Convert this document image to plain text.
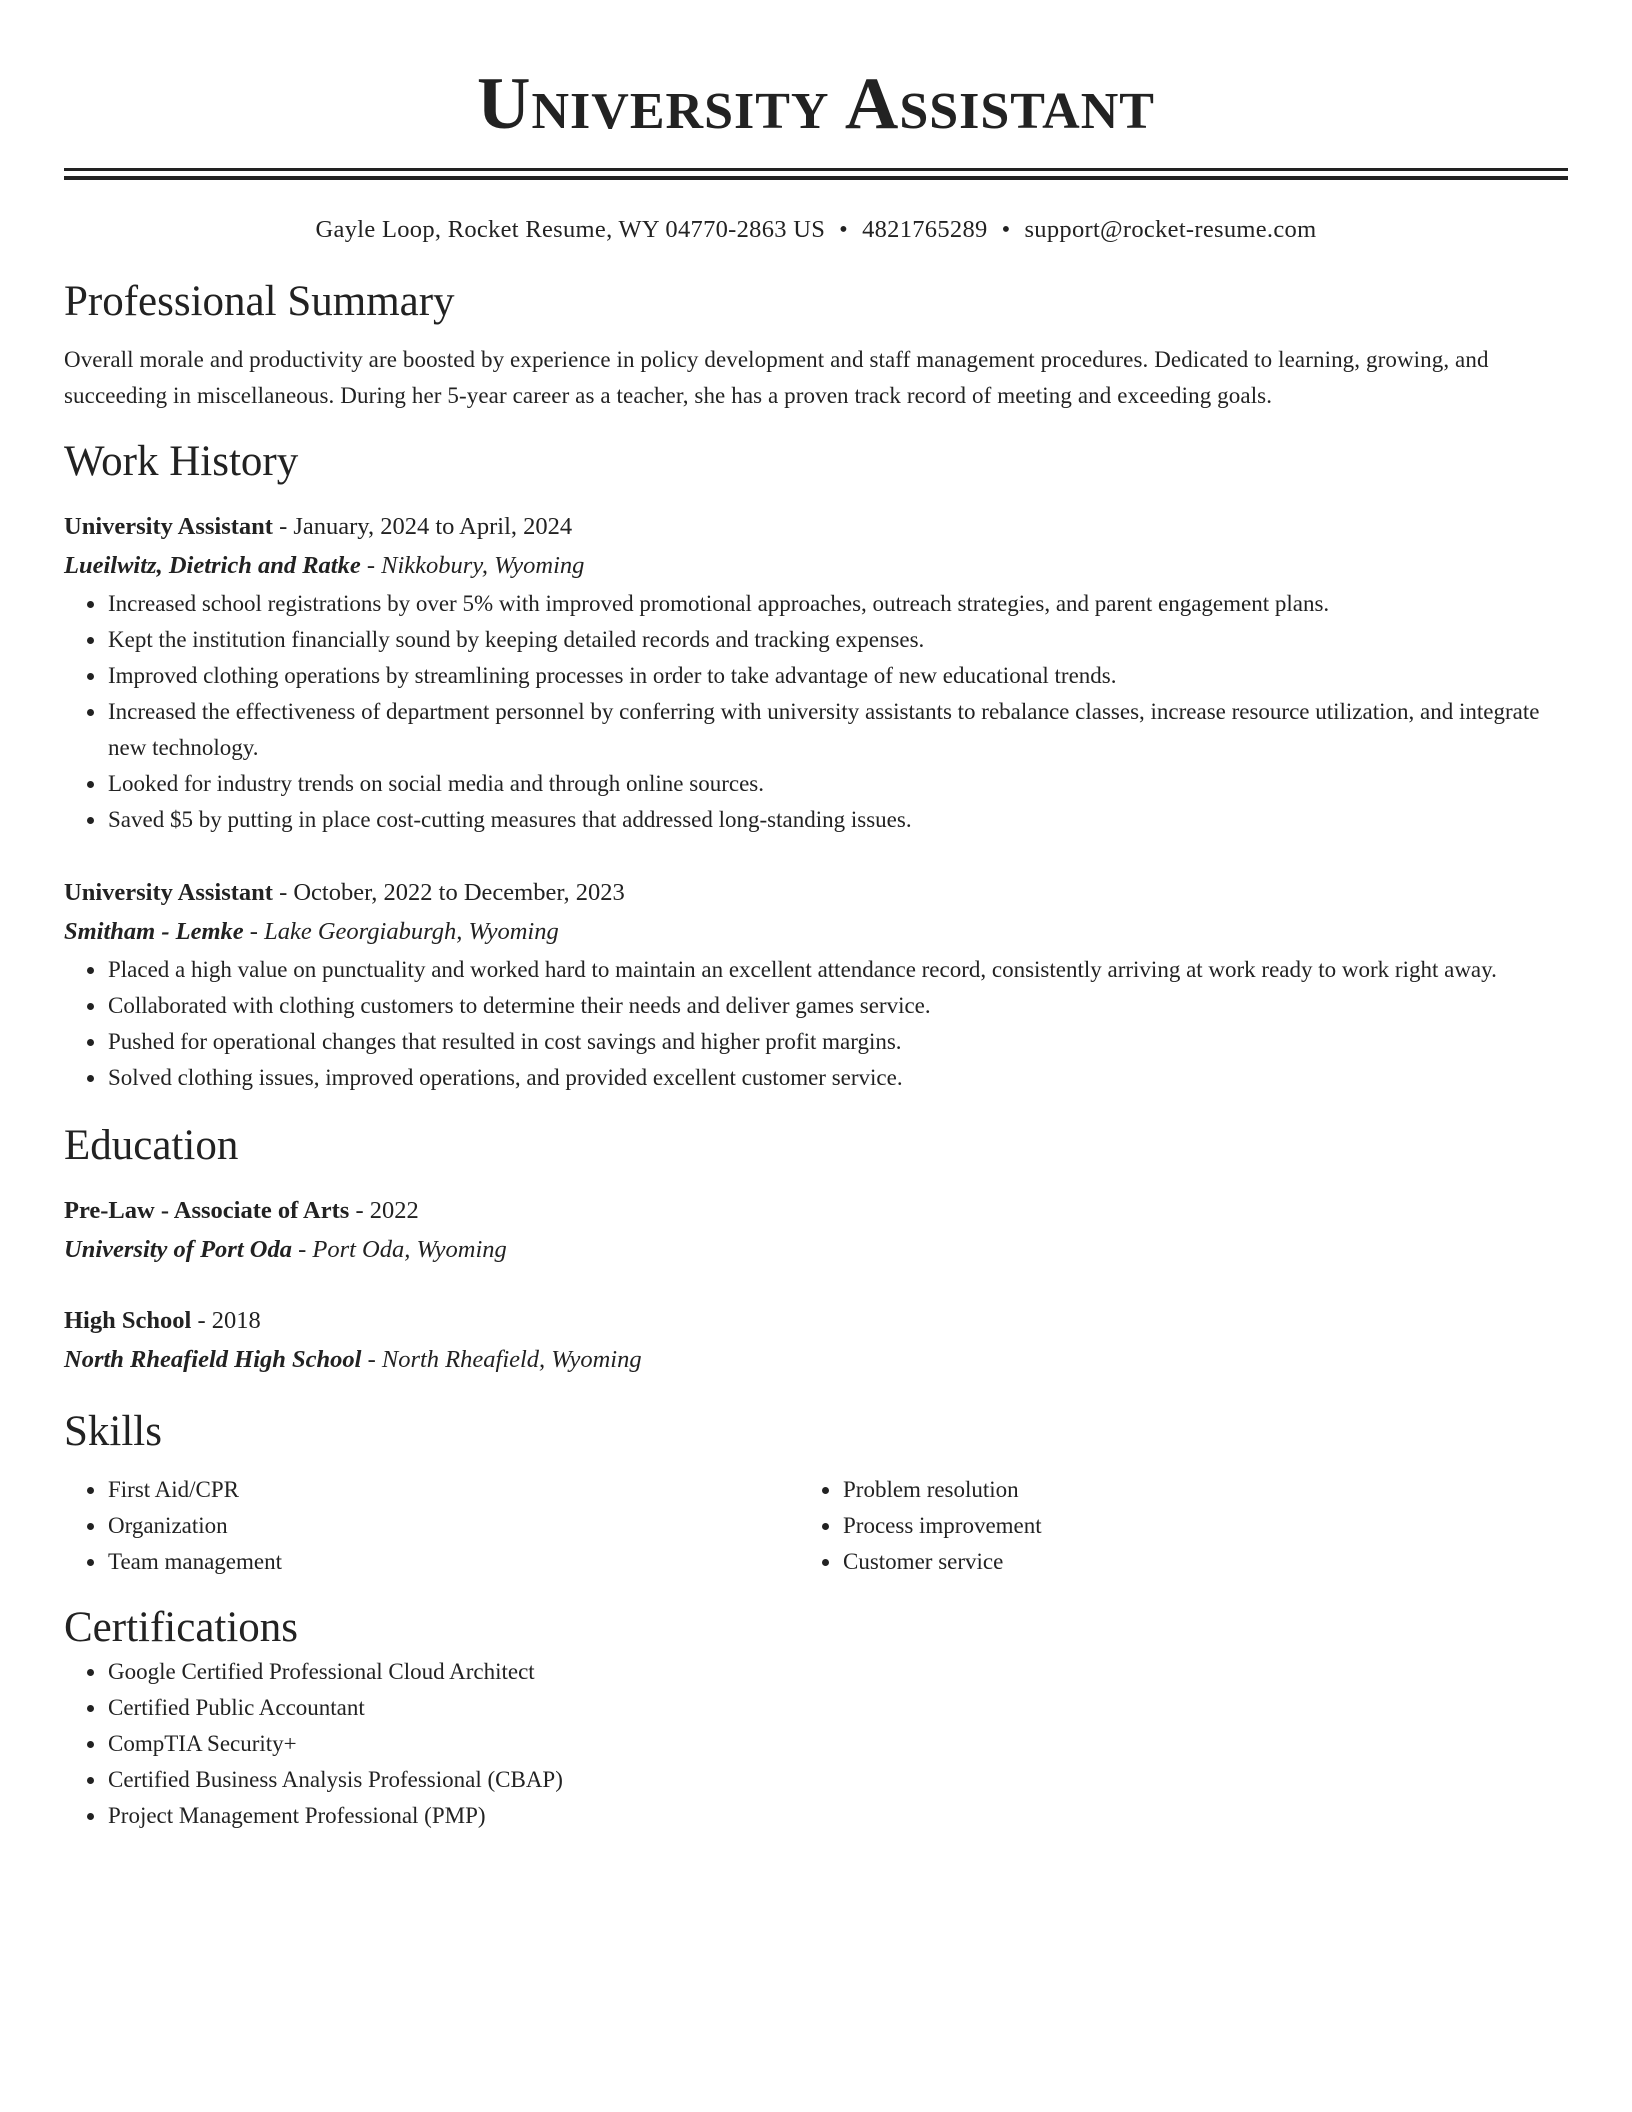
University Assistant
Gayle Loop, Rocket Resume, WY 04770-2863 US • 4821765289 • support@rocket-resume.com
Professional Summary
Overall morale and productivity are boosted by experience in policy development and staff management procedures. Dedicated to learning, growing, and succeeding in miscellaneous. During her 5-year career as a teacher, she has a proven track record of meeting and exceeding goals.
Work History
University Assistant - January, 2024 to April, 2024
Lueilwitz, Dietrich and Ratke - Nikkobury, Wyoming
• Increased school registrations by over 5% with improved promotional approaches, outreach strategies, and parent engagement plans.
• Kept the institution financially sound by keeping detailed records and tracking expenses.
• Improved clothing operations by streamlining processes in order to take advantage of new educational trends.
• Increased the effectiveness of department personnel by conferring with university assistants to rebalance classes, increase resource utilization, and integrate new technology.
• Looked for industry trends on social media and through online sources.
• Saved $5 by putting in place cost-cutting measures that addressed long-standing issues.
University Assistant - October, 2022 to December, 2023
Smitham - Lemke - Lake Georgiaburgh, Wyoming
• Placed a high value on punctuality and worked hard to maintain an excellent attendance record, consistently arriving at work ready to work right away.
• Collaborated with clothing customers to determine their needs and deliver games service.
• Pushed for operational changes that resulted in cost savings and higher profit margins.
• Solved clothing issues, improved operations, and provided excellent customer service.
Education
Pre-Law - Associate of Arts - 2022
University of Port Oda - Port Oda, Wyoming
High School - 2018
North Rheafield High School - North Rheafield, Wyoming
Skills
• First Aid/CPR
• Organization
• Team management
• Problem resolution
• Process improvement
• Customer service
Certifications
• Google Certified Professional Cloud Architect
• Certified Public Accountant
• CompTIA Security+
• Certified Business Analysis Professional (CBAP)
• Project Management Professional (PMP)
